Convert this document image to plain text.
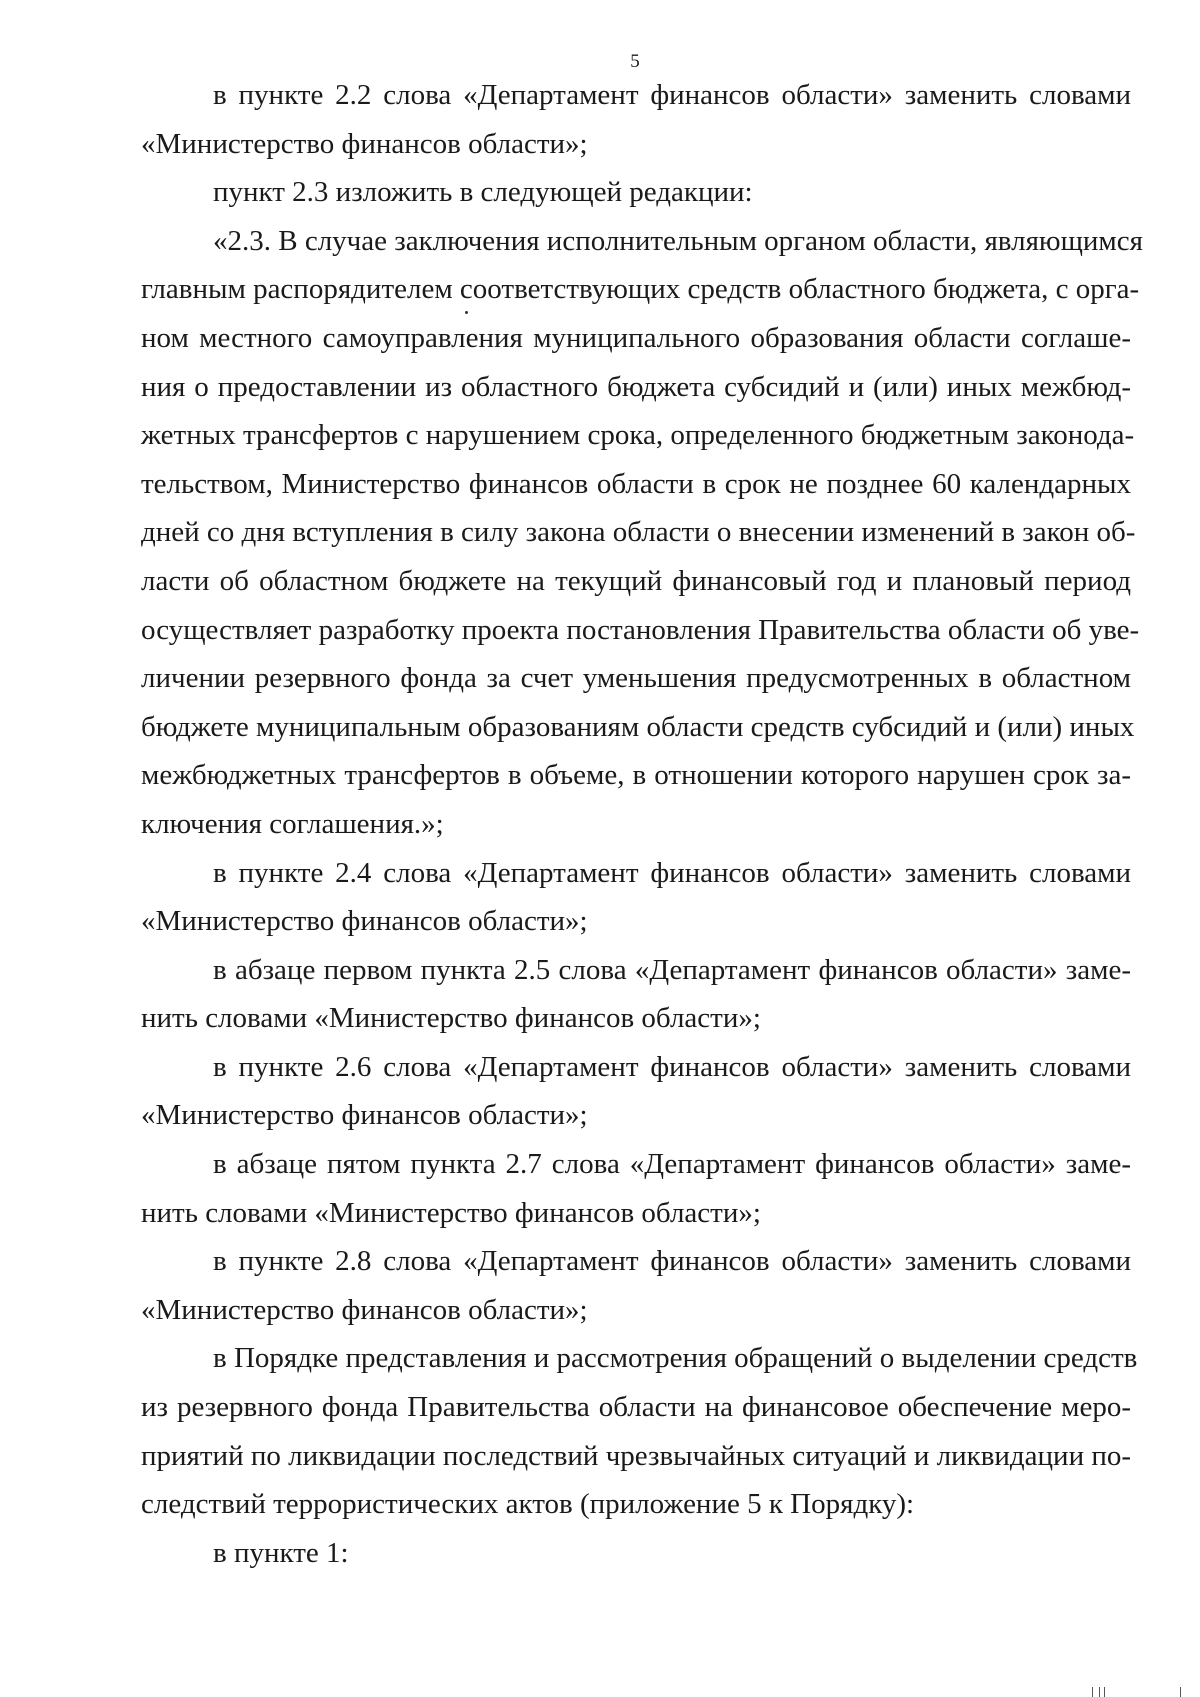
5
в пункте 2.2 слова «Департамент финансов области» заменить словами
«Министерство финансов области»;
пункт 2.3 изложить в следующей редакции:
«2.3. В случае заключения исполнительным органом области, являющимся
главным распорядителем соответствующих средств областного бюджета, с орга-
ном местного самоуправления муниципального образования области соглаше-
ния о предоставлении из областного бюджета субсидий и (или) иных межбюд-
жетных трансфертов с нарушением срока, определенного бюджетным законода-
тельством, Министерство финансов области в срок не позднее 60 календарных
дней со дня вступления в силу закона области о внесении изменений в закон об-
ласти об областном бюджете на текущий финансовый год и плановый период
осуществляет разработку проекта постановления Правительства области об уве-
личении резервного фонда за счет уменьшения предусмотренных в областном
бюджете муниципальным образованиям области средств субсидий и (или) иных
межбюджетных трансфертов в объеме, в отношении которого нарушен срок за-
ключения соглашения.»;
в пункте 2.4 слова «Департамент финансов области» заменить словами
«Министерство финансов области»;
в абзаце первом пункта 2.5 слова «Департамент финансов области» заме-
нить словами «Министерство финансов области»;
в пункте 2.6 слова «Департамент финансов области» заменить словами
«Министерство финансов области»;
в абзаце пятом пункта 2.7 слова «Департамент финансов области» заме-
нить словами «Министерство финансов области»;
в пункте 2.8 слова «Департамент финансов области» заменить словами
«Министерство финансов области»;
в Порядке представления и рассмотрения обращений о выделении средств
из резервного фонда Правительства области на финансовое обеспечение меро-
приятий по ликвидации последствий чрезвычайных ситуаций и ликвидации по-
следствий террористических актов (приложение 5 к Порядку):
в пункте 1:
